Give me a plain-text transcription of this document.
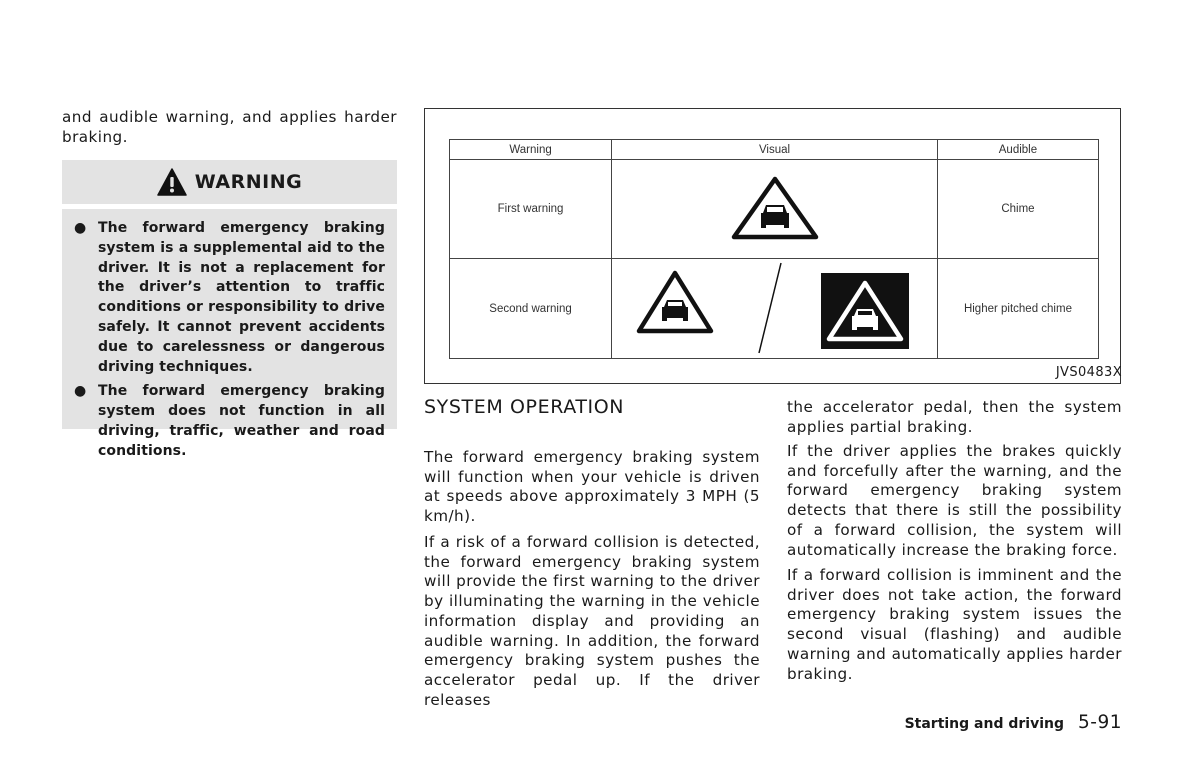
and audible warning, and applies harder braking.

WARNING
● The forward emergency braking system is a supplemental aid to the driver. It is not a replacement for the driver’s attention to traffic conditions or responsibility to drive safely. It cannot prevent accidents due to carelessness or dangerous driving techniques.
● The forward emergency braking system does not function in all driving, traffic, weather and road conditions.
Warning	Visual	Audible
First warning		Chime
Second warning		Higher pitched chime
JVS0483X
SYSTEM OPERATION

The forward emergency braking system will function when your vehicle is driven at speeds above approximately 3 MPH (5 km/h).

If a risk of a forward collision is detected, the forward emergency braking system will provide the first warning to the driver by illuminating the warning in the vehicle information display and providing an audible warning. In addition, the forward emergency braking system pushes the accelerator pedal up. If the driver releases

the accelerator pedal, then the system applies partial braking.

If the driver applies the brakes quickly and forcefully after the warning, and the forward emergency braking system detects that there is still the possibility of a forward collision, the system will automatically increase the braking force.

If a forward collision is imminent and the driver does not take action, the forward emergency braking system issues the second visual (flashing) and audible warning and automatically applies harder braking.

Starting and driving 5-91
